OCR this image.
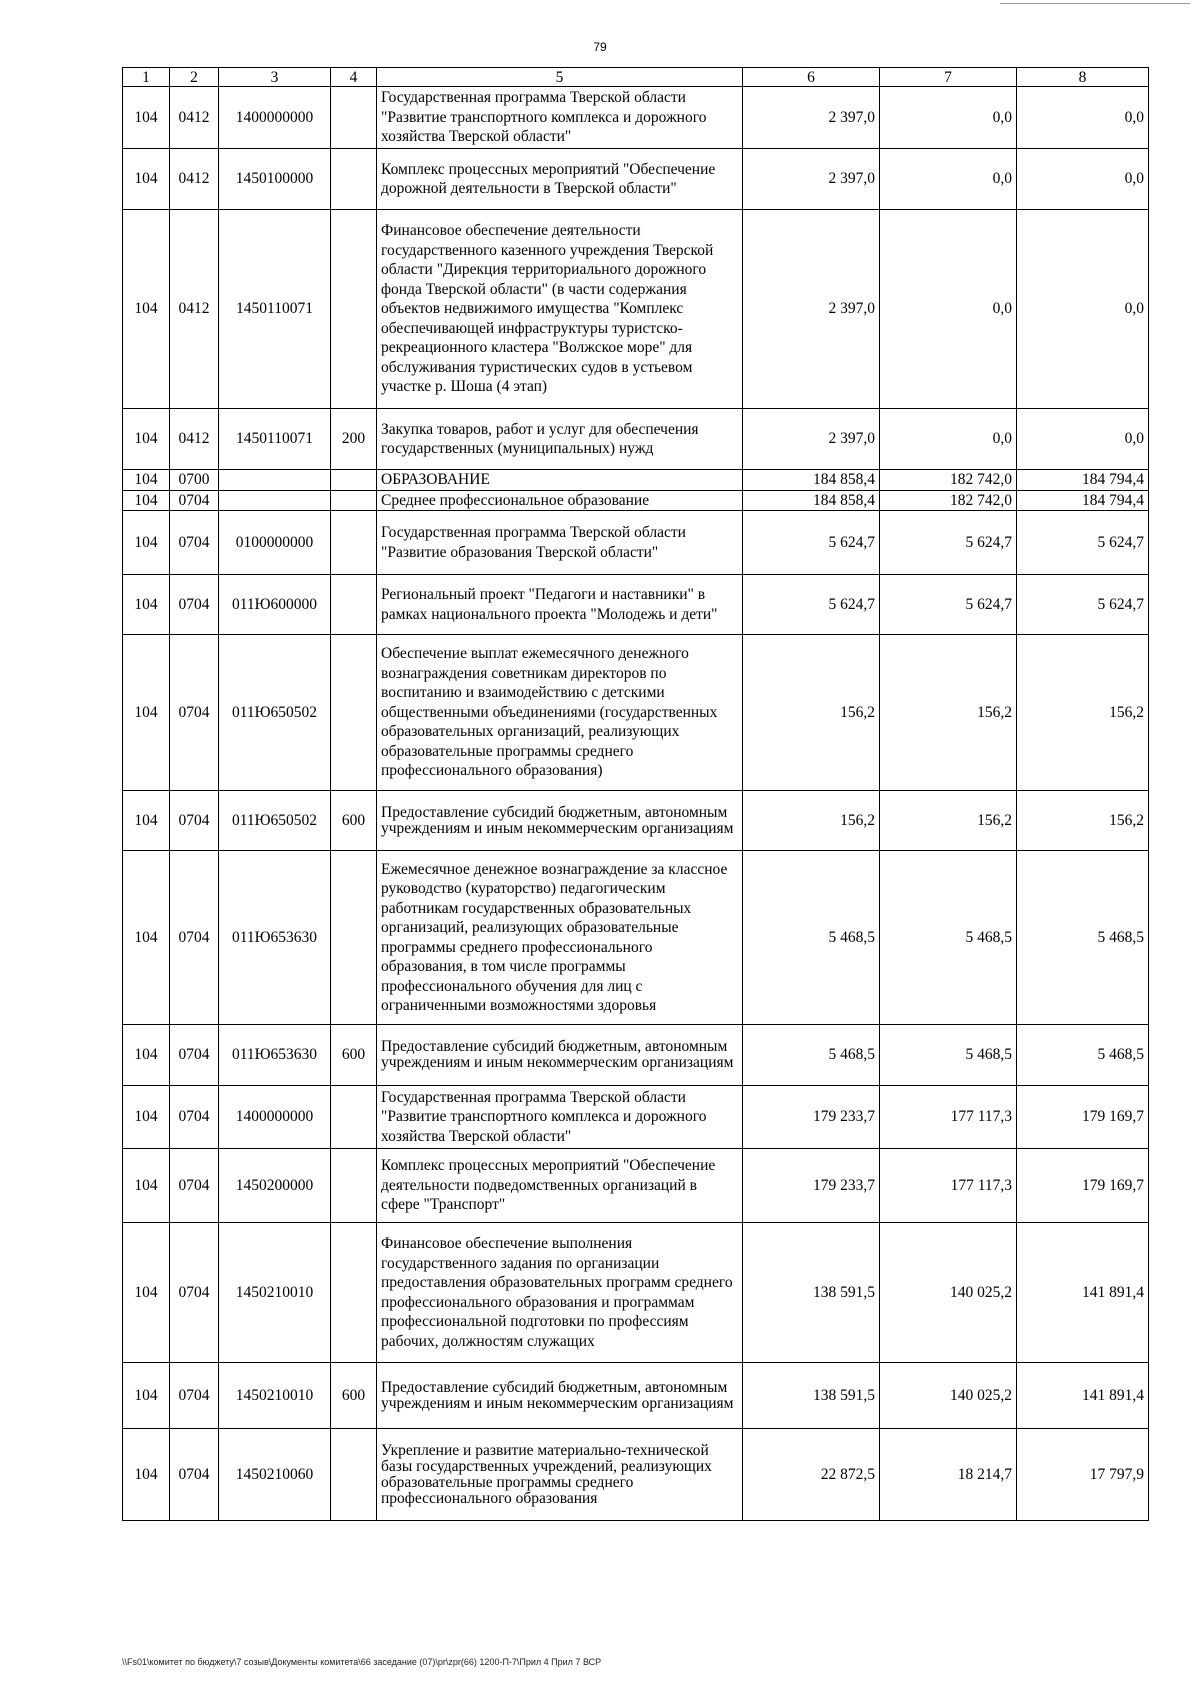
79
1	2	3	4	5	6	7	8
104	0412	1400000000		Государственная программа Тверской области "Развитие транспортного комплекса и дорожного хозяйства Тверской области"	2 397,0	0,0	0,0
104	0412	1450100000		Комплекс процессных мероприятий "Обеспечение дорожной деятельности в Тверской области"	2 397,0	0,0	0,0
104	0412	1450110071		Финансовое обеспечение деятельности государственного казенного учреждения Тверской области "Дирекция территориального дорожного фонда Тверской области" (в части содержания объектов недвижимого имущества "Комплекс обеспечивающей инфраструктуры туристско-рекреационного кластера "Волжское море" для обслуживания туристических судов в устьевом участке р. Шоша (4 этап)	2 397,0	0,0	0,0
104	0412	1450110071	200	Закупка товаров, работ и услуг для обеспечения государственных (муниципальных) нужд	2 397,0	0,0	0,0
104	0700			ОБРАЗОВАНИЕ	184 858,4	182 742,0	184 794,4
104	0704			Среднее профессиональное образование	184 858,4	182 742,0	184 794,4
104	0704	0100000000		Государственная программа Тверской области "Развитие образования Тверской области"	5 624,7	5 624,7	5 624,7
104	0704	011Ю600000		Региональный проект "Педагоги и наставники" в рамках национального проекта "Молодежь и дети"	5 624,7	5 624,7	5 624,7
104	0704	011Ю650502		Обеспечение выплат ежемесячного денежного вознаграждения советникам директоров по воспитанию и взаимодействию с детскими общественными объединениями (государственных образовательных организаций, реализующих образовательные программы среднего профессионального образования)	156,2	156,2	156,2
104	0704	011Ю650502	600	Предоставление субсидий бюджетным, автономным учреждениям и иным некоммерческим организациям	156,2	156,2	156,2
104	0704	011Ю653630		Ежемесячное денежное вознаграждение за классное руководство (кураторство) педагогическим работникам государственных образовательных организаций, реализующих образовательные программы среднего профессионального образования, в том числе программы профессионального обучения для лиц с ограниченными возможностями здоровья	5 468,5	5 468,5	5 468,5
104	0704	011Ю653630	600	Предоставление субсидий бюджетным, автономным учреждениям и иным некоммерческим организациям	5 468,5	5 468,5	5 468,5
104	0704	1400000000		Государственная программа Тверской области "Развитие транспортного комплекса и дорожного хозяйства Тверской области"	179 233,7	177 117,3	179 169,7
104	0704	1450200000		Комплекс процессных мероприятий "Обеспечение деятельности подведомственных организаций в сфере "Транспорт"	179 233,7	177 117,3	179 169,7
104	0704	1450210010		Финансовое обеспечение выполнения государственного задания по организации предоставления образовательных программ среднего профессионального образования и программам профессиональной подготовки по профессиям рабочих, должностям служащих	138 591,5	140 025,2	141 891,4
104	0704	1450210010	600	Предоставление субсидий бюджетным, автономным учреждениям и иным некоммерческим организациям	138 591,5	140 025,2	141 891,4
104	0704	1450210060		Укрепление и развитие материально-технической базы государственных учреждений, реализующих образовательные программы среднего профессионального образования	22 872,5	18 214,7	17 797,9
\\Fs01\комитет по бюджету\7 созыв\Документы комитета\66 заседание (07)\pr\zpr(66) 1200-П-7\Прил 4 Прил 7 ВСР
